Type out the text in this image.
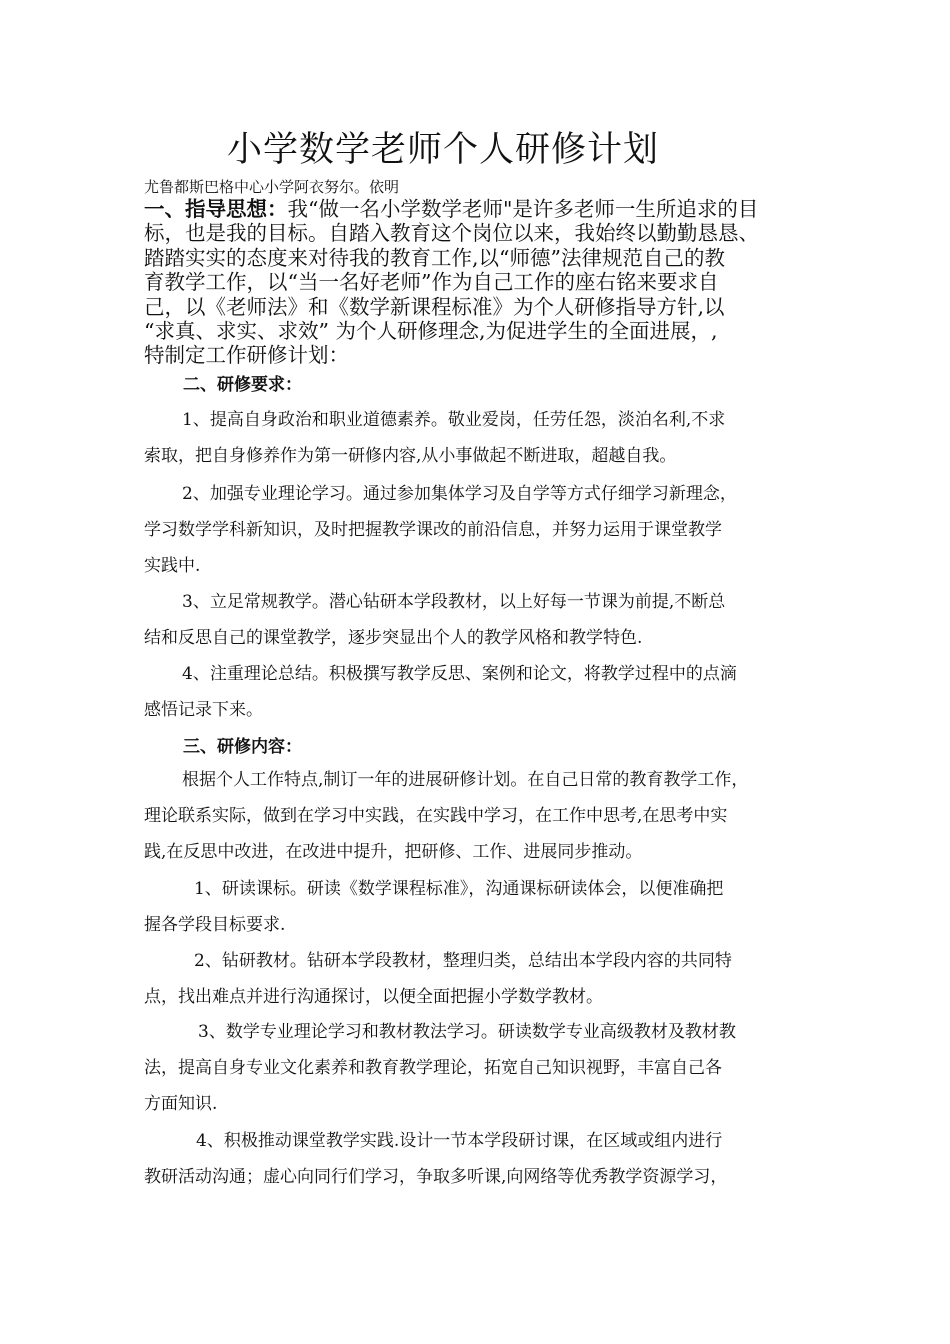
小学数学老师个人研修计划

尤鲁都斯巴格中心小学阿衣努尔。依明

一、指导思想：我“做一名小学数学老师"是许多老师一生所追求的目
标，也是我的目标。自踏入教育这个岗位以来，我始终以勤勤恳恳、
踏踏实实的态度来对待我的教育工作,以“师德”法律规范自己的教
育教学工作，以“当一名好老师”作为自己工作的座右铭来要求自
己，以《老师法》和《数学新课程标准》为个人研修指导方针,以
“求真、求实、求效” 为个人研修理念,为促进学生的全面进展，,
特制定工作研修计划：
二、研修要求：
1、提高自身政治和职业道德素养。敬业爱岗，任劳任怨，淡泊名利,不求
索取，把自身修养作为第一研修内容,从小事做起不断进取，超越自我。
2、加强专业理论学习。通过参加集体学习及自学等方式仔细学习新理念，
学习数学学科新知识，及时把握教学课改的前沿信息，并努力运用于课堂教学
实践中.
3、立足常规教学。潜心钻研本学段教材，以上好每一节课为前提,不断总
结和反思自己的课堂教学，逐步突显出个人的教学风格和教学特色.
4、注重理论总结。积极撰写教学反思、案例和论文，将教学过程中的点滴
感悟记录下来。
三、研修内容：
根据个人工作特点,制订一年的进展研修计划。在自己日常的教育教学工作，
理论联系实际，做到在学习中实践，在实践中学习，在工作中思考,在思考中实
践,在反思中改进，在改进中提升，把研修、工作、进展同步推动。
1、研读课标。研读《数学课程标准》，沟通课标研读体会，以便准确把
握各学段目标要求.
2、钻研教材。钻研本学段教材，整理归类，总结出本学段内容的共同特
点，找出难点并进行沟通探讨，以便全面把握小学数学教材。
3、数学专业理论学习和教材教法学习。研读数学专业高级教材及教材教
法，提高自身专业文化素养和教育教学理论，拓宽自己知识视野，丰富自己各
方面知识.
4、积极推动课堂教学实践.设计一节本学段研讨课，在区域或组内进行
教研活动沟通；虚心向同行们学习，争取多听课,向网络等优秀教学资源学习，
